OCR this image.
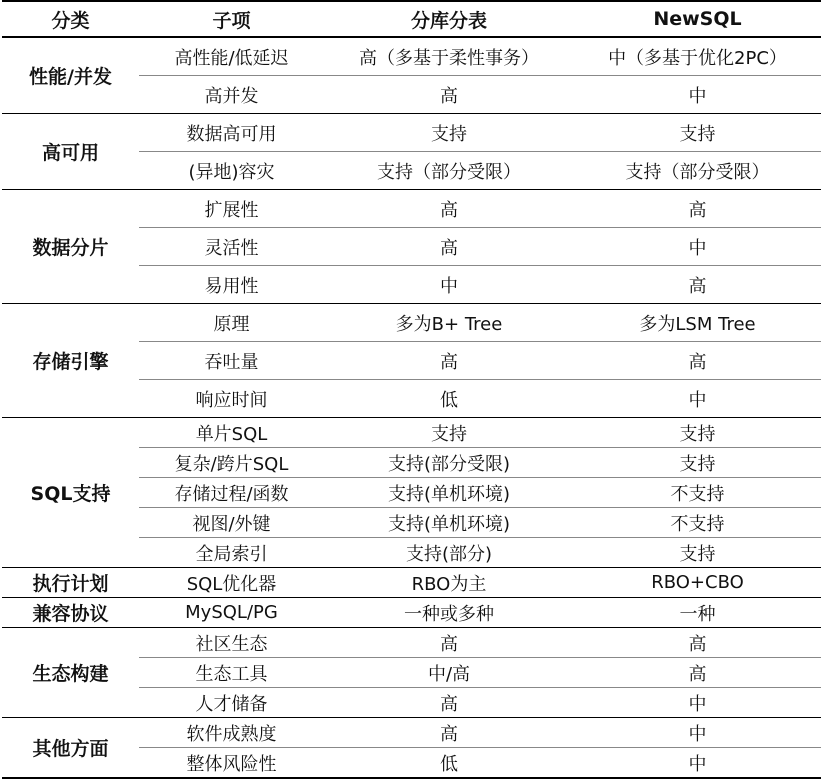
分类	子项	分库分表	NewSQL
性能/并发	高性能/低延迟	高（多基于柔性事务）	中（多基于优化2PC）
	高并发	高	中
高可用	数据高可用	支持	支持
	(异地)容灾	支持（部分受限）	支持（部分受限）
数据分片	扩展性	高	高
	灵活性	高	中
	易用性	中	高
存储引擎	原理	多为B+ Tree	多为LSM Tree
	吞吐量	高	高
	响应时间	低	中
SQL支持	单片SQL	支持	支持
	复杂/跨片SQL	支持(部分受限)	支持
	存储过程/函数	支持(单机环境)	不支持
	视图/外键	支持(单机环境)	不支持
	全局索引	支持(部分)	支持
执行计划	SQL优化器	RBO为主	RBO+CBO
兼容协议	MySQL/PG	一种或多种	一种
生态构建	社区生态	高	高
	生态工具	中/高	高
	人才储备	高	中
其他方面	软件成熟度	高	中
	整体风险性	低	中
